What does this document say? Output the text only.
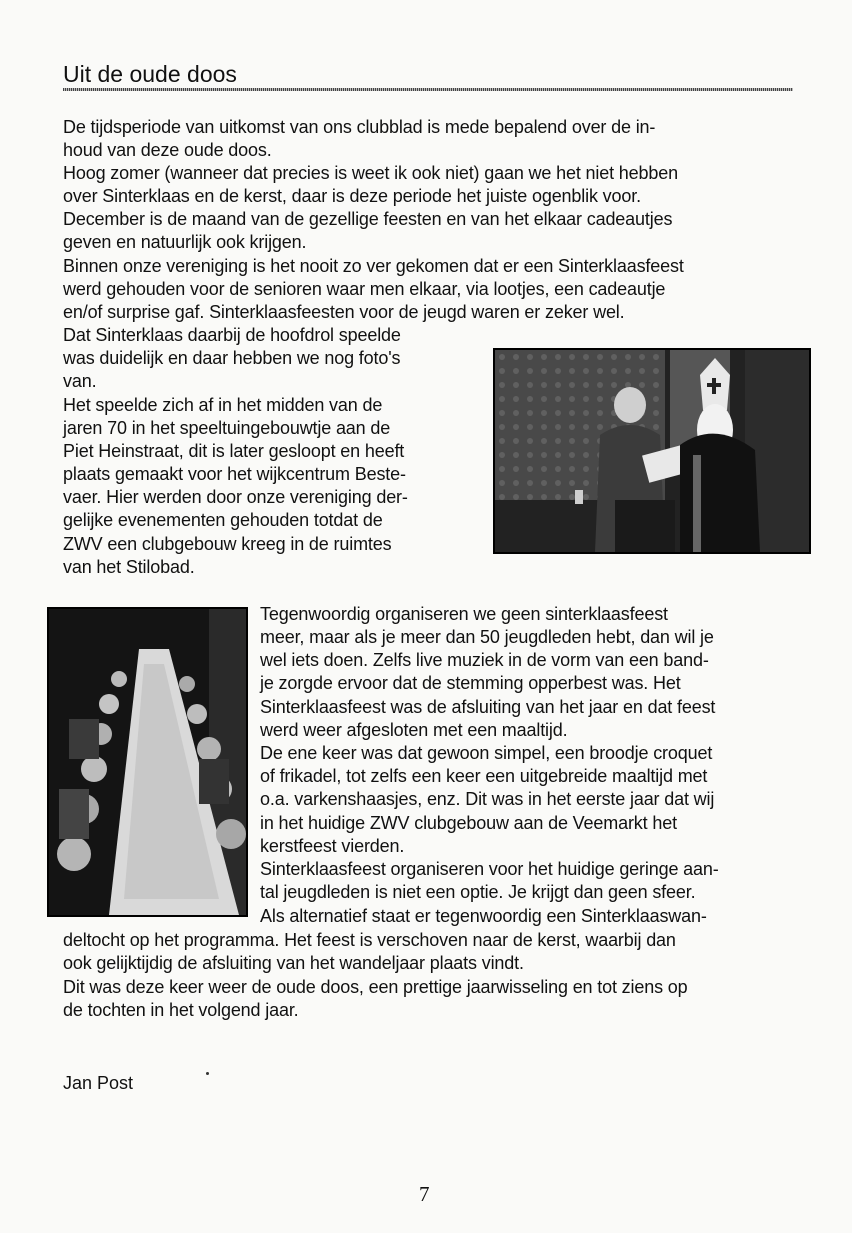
Uit de oude doos
De tijdsperiode van uitkomst van ons clubblad is mede bepalend over de in-
houd van deze oude doos.
Hoog zomer (wanneer dat precies is weet ik ook niet) gaan we het niet hebben
over Sinterklaas en de kerst, daar is deze periode het juiste ogenblik voor.
December is de maand van de gezellige feesten en van het elkaar cadeautjes
geven en natuurlijk ook krijgen.
Binnen onze vereniging is het nooit zo ver gekomen dat er een Sinterklaasfeest
werd gehouden voor de senioren waar men elkaar, via lootjes, een cadeautje
en/of surprise gaf. Sinterklaasfeesten voor de jeugd waren er zeker wel.
Dat Sinterklaas daarbij de hoofdrol speelde
was duidelijk en daar hebben we nog foto's
van.
Het speelde zich af in het midden van de
jaren 70 in het speeltuingebouwtje aan de
Piet Heinstraat, dit is later gesloopt en heeft
plaats gemaakt voor het wijkcentrum Beste-
vaer. Hier werden door onze vereniging der-
gelijke evenementen gehouden totdat de
ZWV een clubgebouw kreeg in de ruimtes
van het Stilobad.
Tegenwoordig organiseren we geen sinterklaasfeest
meer, maar als je meer dan 50 jeugdleden hebt, dan wil je
wel iets doen. Zelfs live muziek in de vorm van een band-
je zorgde ervoor dat de stemming opperbest was. Het
Sinterklaasfeest was de afsluiting van het jaar en dat feest
werd weer afgesloten met een maaltijd.
De ene keer was dat gewoon simpel, een broodje croquet
of frikadel, tot zelfs een keer een uitgebreide maaltijd met
o.a. varkenshaasjes, enz. Dit was in het eerste jaar dat wij
in het huidige ZWV clubgebouw aan de Veemarkt het
kerstfeest vierden.
Sinterklaasfeest organiseren voor het huidige geringe aan-
tal jeugdleden is niet een optie. Je krijgt dan geen sfeer.
Als alternatief staat er tegenwoordig een Sinterklaaswan-
deltocht op het programma. Het feest is verschoven naar de kerst, waarbij dan
ook gelijktijdig de afsluiting van het wandeljaar plaats vindt.
Dit was deze keer weer de oude doos, een prettige jaarwisseling en tot ziens op
de tochten in het volgend jaar.
Jan Post
7
